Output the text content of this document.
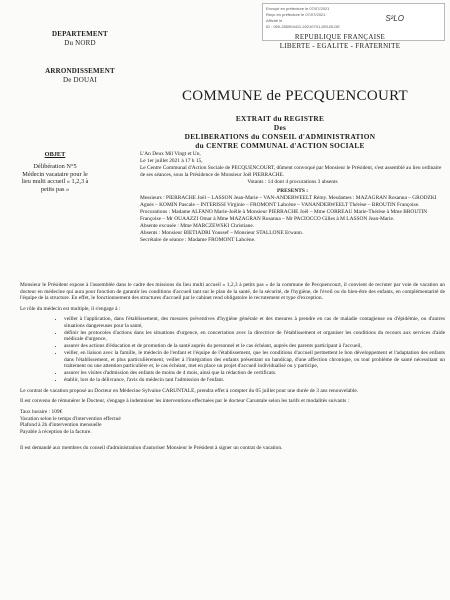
Envoyé en préfecture le 07/07/2021
Reçu en préfecture le 07/07/2021
Affiché le
ID : 059-265904411-20210701-DELIB-DE
S²LO
DEPARTEMENT
Du NORD
ARRONDISSEMENT
De DOUAI
REPUBLIQUE FRANÇAISE
LIBERTE - EGALITE - FRATERNITE
COMMUNE de PECQUENCOURT
EXTRAIT du REGISTRE
Des
DELIBERATIONS du CONSEIL d'ADMINISTRATION
du CENTRE COMMUNAL d'ACTION SOCIALE
OBJET
Délibération N°5
Médecin vacataire pour le lieu multi accueil « 1,2,3 à petits pas »

L'An Deux Mil Vingt et Un,

Le 1er juillet 2021 à 17 h 15,

Le Centre Communal d'Action Sociale de PECQUENCOURT, dûment convoqué par Monsieur le Président, s'est assemblé au lieu ordinaire de ses séances, sous la Présidence de Monsieur Joël PIERRACHE.

Votants : 14 dont 4 procurations 3 absents

PRESENTS :

Messieurs : PIERRACHE Joël – LASSON Jean-Marie – VAN-ANDERWEELT Rémy. Mesdames : MAZAGRAN Rosanna – GRODZKI Agnès – KOMIN Pascale – INTERISSI Virginie – FROMONT Lahcène – VANANDERWEELT Thérèse – BROUTIN Françoise. Procurations : Madame ALFANO Marie-Joëlle à Monsieur PIERRACHE Joël – Mme CORREAU Marie-Thérèse à Mme BROUTIN Françoise – Mr OUAAZZI Omar à Mme MAZAGRAN Rosanna – Mr PACIOCCO Gilles à M LASSON Jean-Marie.

Absente excusée : Mme MARCZEWSKI Christiane.

Absents : Monsieur BIETIADRI Youssef – Monsieur STALLONE Erwann.

Secrétaire de séance : Madame FROMONT Lahcène.

Monsieur le Président expose à l'assemblée dans le cadre des missions du lieu multi accueil « 1,2,3 à petits pas » de la commune de Pecquencourt, il convient de recruter par voie de vacation un docteur en médecine qui aura pour fonction de garantir les conditions d'accueil tant sur le plan de la santé, de la sécurité, de l'hygiène, de l'éveil ou du bien-être des enfants, en complémentarité de l'équipe de la structure. En effet, le fonctionnement des structures d'accueil par le cabinet rend obligatoire le recrutement et type d'exception.

Le rôle du médecin est multiple, il s'engage à :

• veiller à l'application, dans l'établissement, des mesures préventives d'hygiène générale et des mesures à prendre en cas de maladie contagieuse ou d'épidémie, ou d'autres situations dangereuses pour la santé,
• définir les protocoles d'actions dans les situations d'urgence, en concertation avec la directrice de l'établissement et organiser les conditions du recours aux services d'aide médicale d'urgence,
• assurer des actions d'éducation et de promotion de la santé auprès du personnel et le cas échéant, auprès des parents participant à l'accueil,
• veiller, en liaison avec la famille, le médecin de l'enfant et l'équipe de l'établissement, que les conditions d'accueil permettent le bon développement et l'adaptation des enfants dans l'établissement, et plus particulièrement, veiller à l'intégration des enfants présentant un handicap, d'une affection chronique, ou tout problème de santé nécessitant un traitement ou une attention particulière et, le cas échéant, met en place un projet d'accueil individualisé ou y participe,
• assurer les visites d'admission des enfants de moins de 4 mois, ainsi que la rédaction de certificats.
• établir, lors de la délivrance, l'avis du médecin tant l'admission de l'enfant.

Le contrat de vacation proposé au Docteur en Médecine Sylvaine CARUNTALE, prendra effet à compter du 05 juillet pour une durée de 3 ans renouvelable.

Il est convenu de rémunérer le Docteur, s'engage à indemniser les interventions effectuées par le docteur Caruntale selon les tarifs et modalités suivants :

Taux horaire : 109€
Vacation selon le temps d'intervention effectué
Plafond à 2h d'intervention mensuelle
Payable à réception de la facture.

Il est demandé aux membres du conseil d'administration d'autoriser Monsieur le Président à signer un contrat de vacation.
